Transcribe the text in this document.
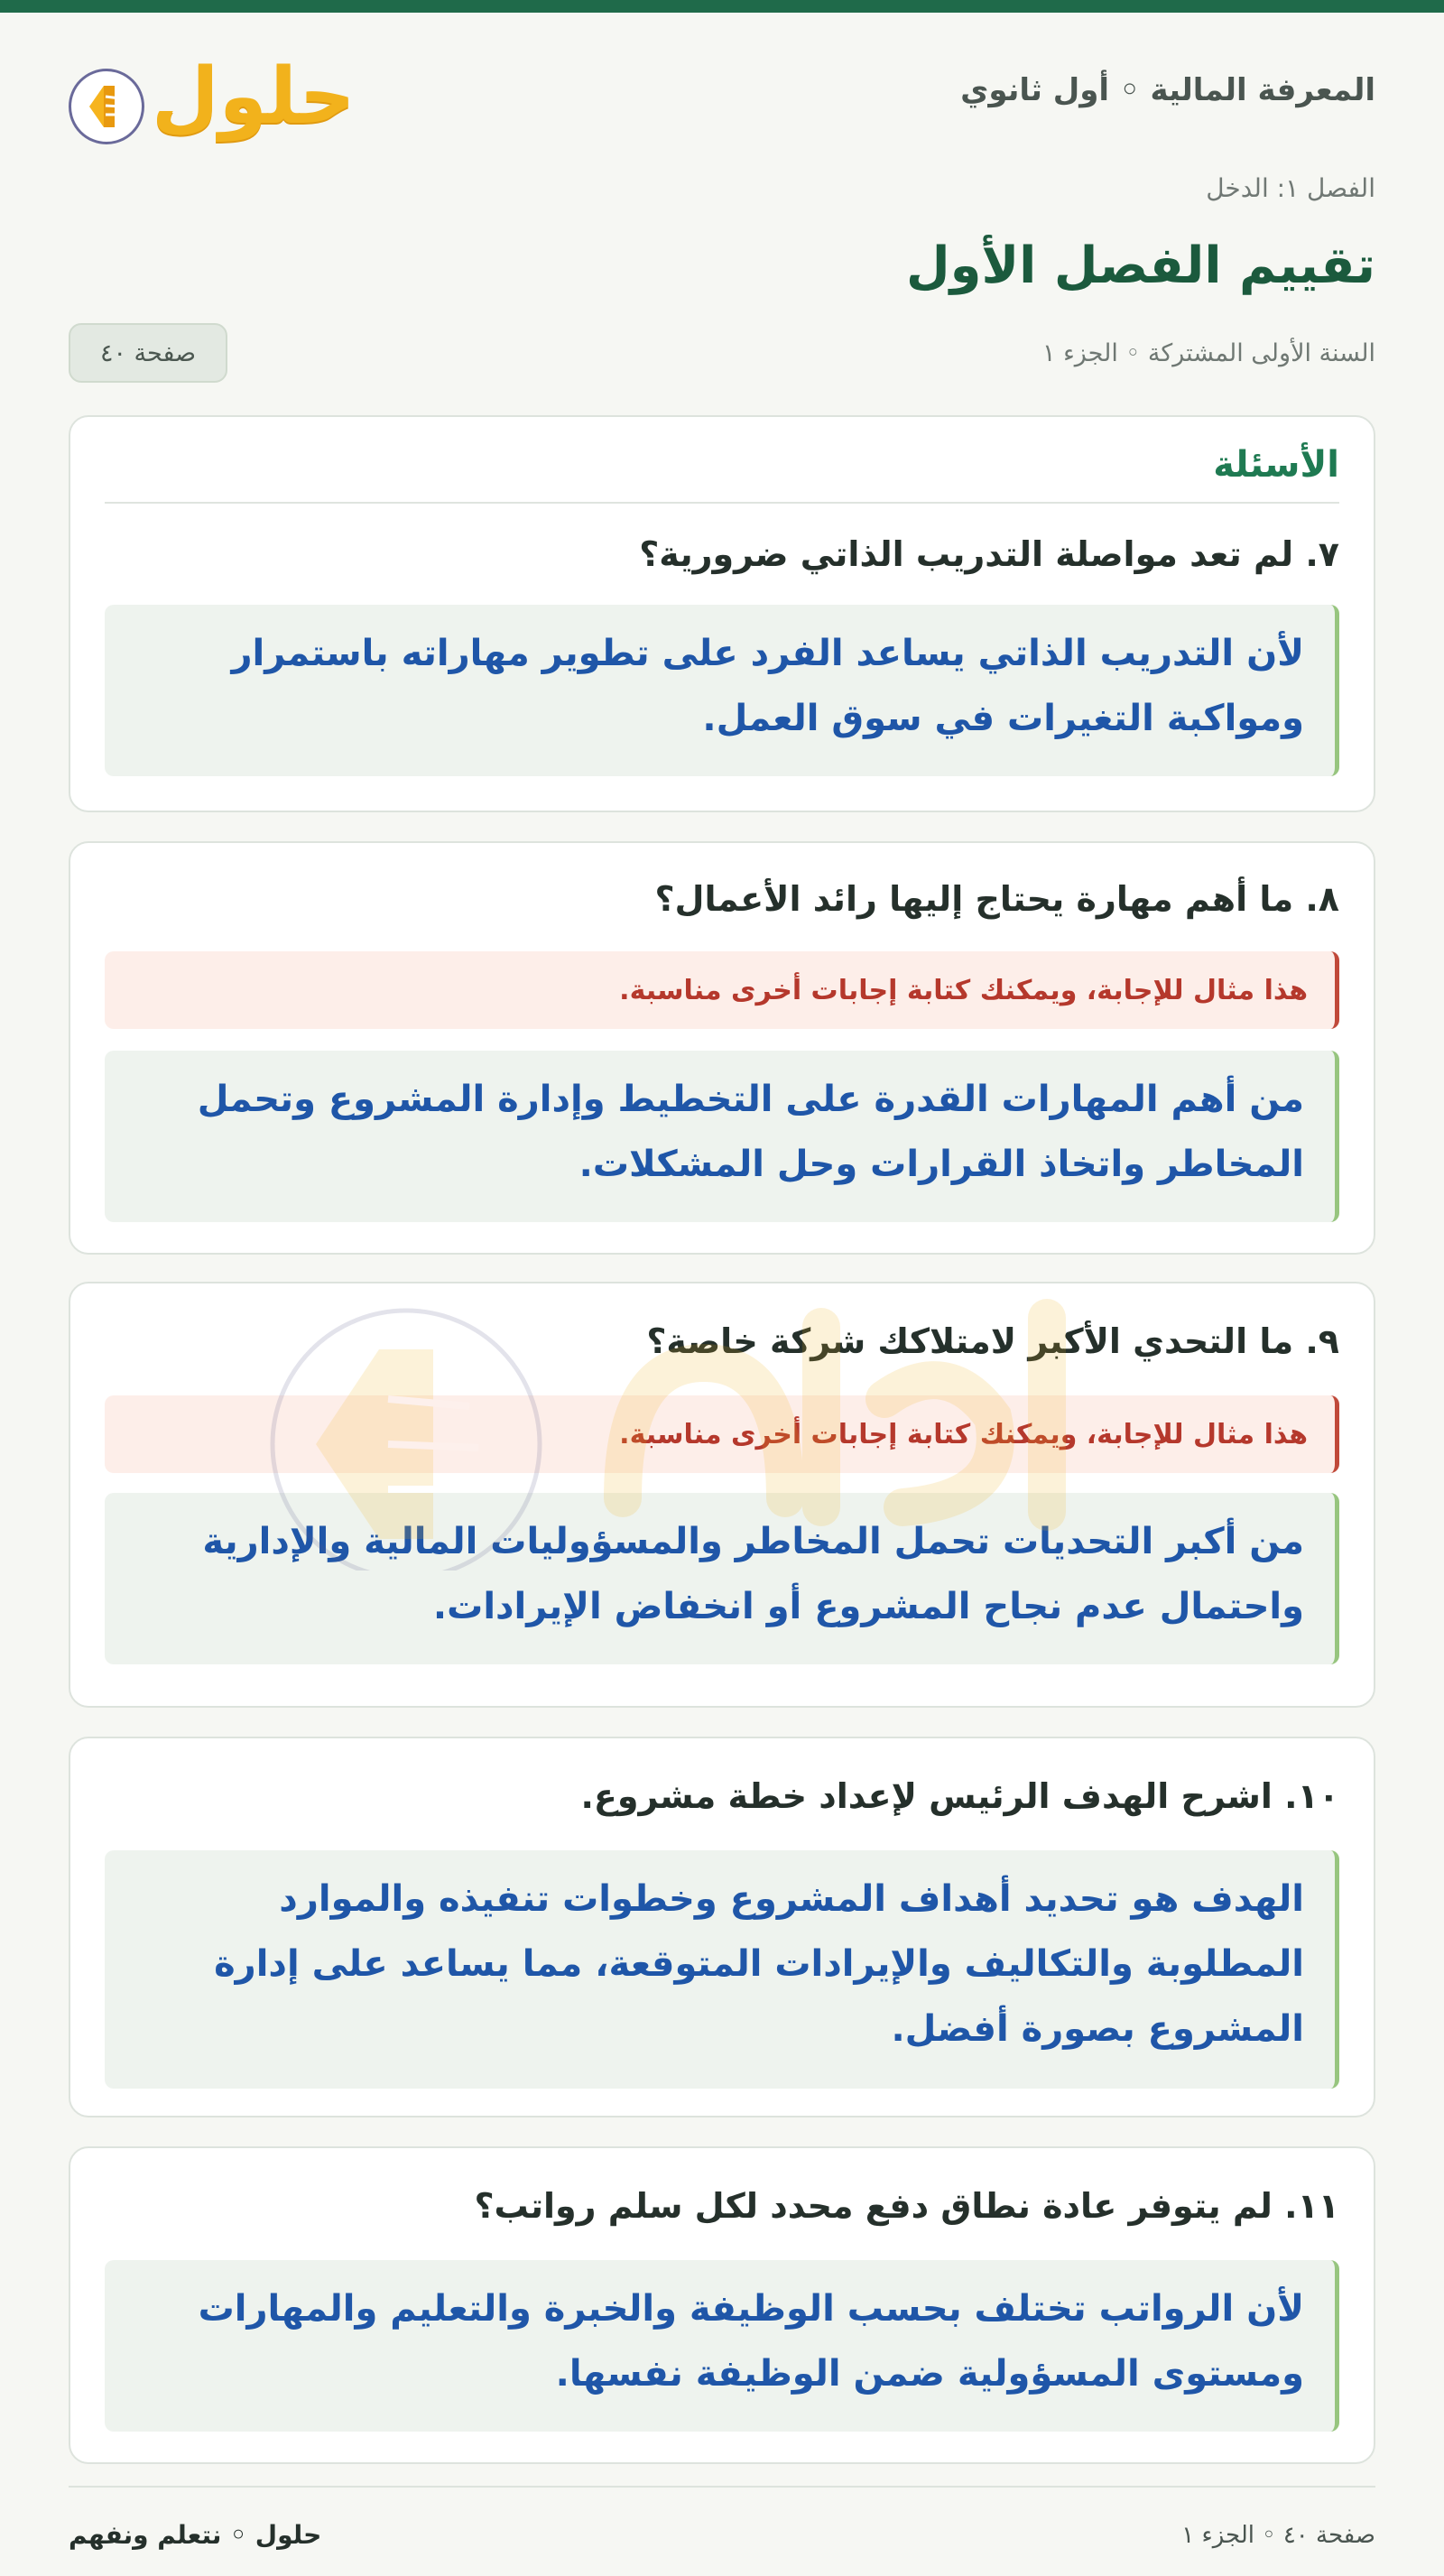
المعرفة المالية ◦ أول ثانوي
حلول
الفصل ١: الدخل
تقييم الفصل الأول
السنة الأولى المشتركة ◦ الجزء ١
صفحة ٤٠
الأسئلة
٧. لم تعد مواصلة التدريب الذاتي ضرورية؟
لأن التدريب الذاتي يساعد الفرد على تطوير مهاراته باستمرار ومواكبة التغيرات في سوق العمل.
٨. ما أهم مهارة يحتاج إليها رائد الأعمال؟
هذا مثال للإجابة، ويمكنك كتابة إجابات أخرى مناسبة.
من أهم المهارات القدرة على التخطيط وإدارة المشروع وتحمل المخاطر واتخاذ القرارات وحل المشكلات.
٩. ما التحدي الأكبر لامتلاكك شركة خاصة؟
هذا مثال للإجابة، ويمكنك كتابة إجابات أخرى مناسبة.
من أكبر التحديات تحمل المخاطر والمسؤوليات المالية والإدارية واحتمال عدم نجاح المشروع أو انخفاض الإيرادات.
١٠. اشرح الهدف الرئيس لإعداد خطة مشروع.
الهدف هو تحديد أهداف المشروع وخطوات تنفيذه والموارد المطلوبة والتكاليف والإيرادات المتوقعة، مما يساعد على إدارة المشروع بصورة أفضل.
١١. لم يتوفر عادة نطاق دفع محدد لكل سلم رواتب؟
لأن الرواتب تختلف بحسب الوظيفة والخبرة والتعليم والمهارات ومستوى المسؤولية ضمن الوظيفة نفسها.
حلول ◦ نتعلم ونفهم	صفحة ٤٠ ◦ الجزء ١
